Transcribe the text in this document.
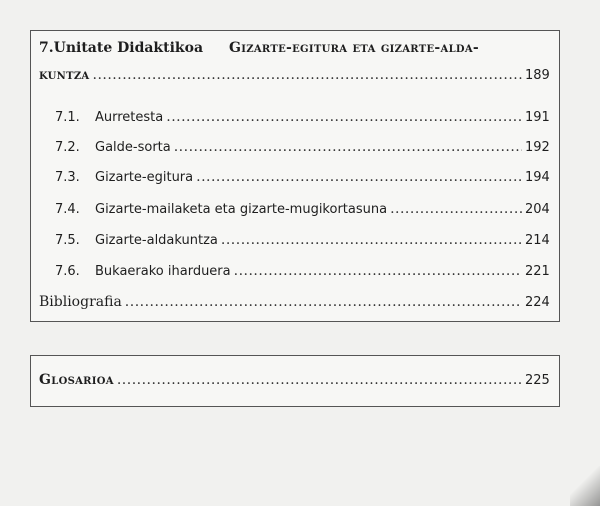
7.Unitate Didaktikoa Gizarte-egitura eta gizarte-alda-
kuntza .....	189
7.1.	Aurretesta .....	191
7.2.	Galde-sorta .....	192
7.3.	Gizarte-egitura .....	194
7.4.	Gizarte-mailaketa eta gizarte-mugikortasuna .....	204
7.5.	Gizarte-aldakuntza .....	214
7.6.	Bukaerako iharduera .....	221
Bibliografia .....	224
Glosarioa .....	225
